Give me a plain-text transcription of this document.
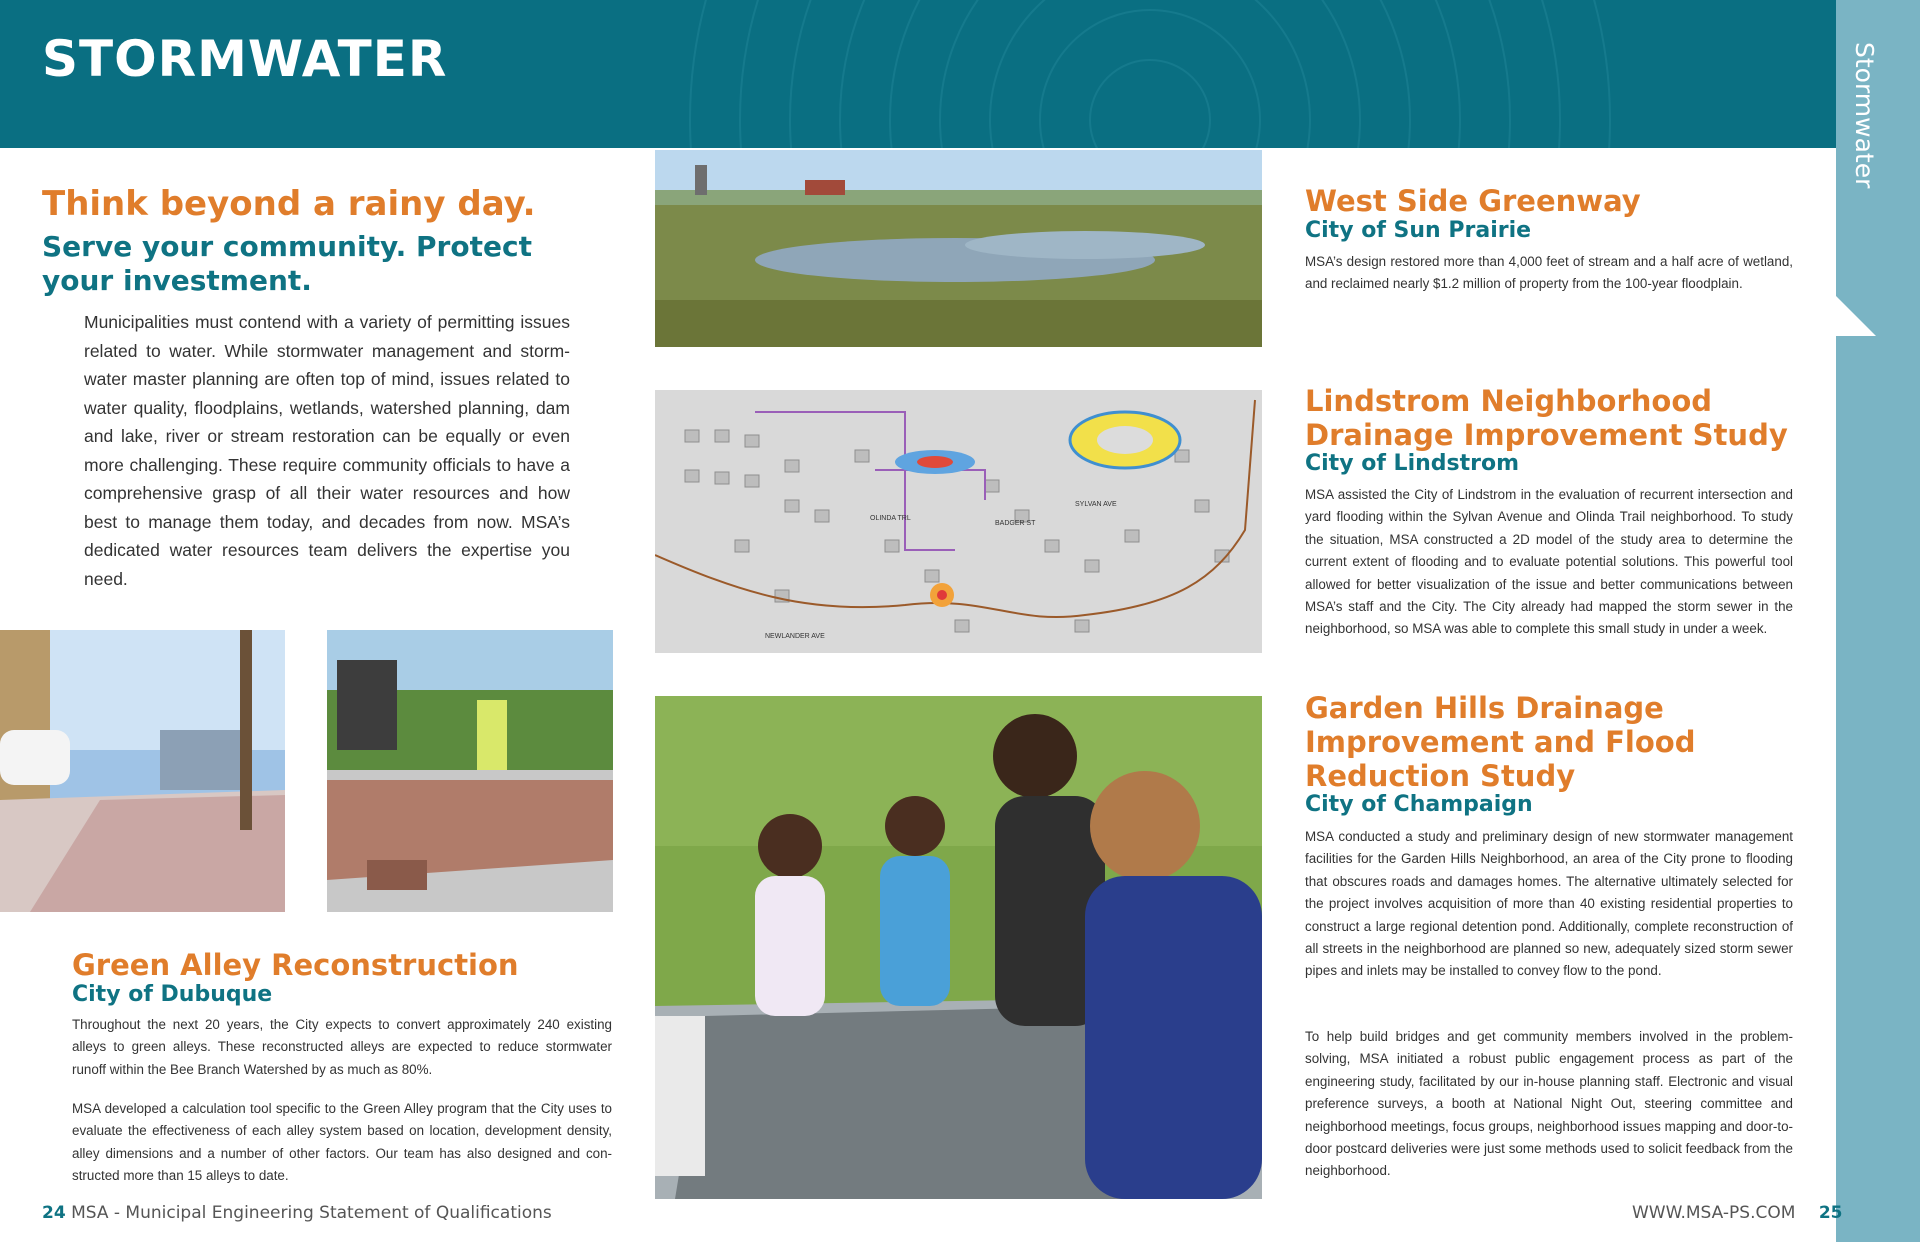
STORMWATER	Stormwater
Think beyond a rainy day.
Serve your community. Protect your investment.
Municipalities must contend with a variety of permitting issues related to water. While stormwater management and storm-water master planning are often top of mind, issues related to water quality, floodplains, wetlands, watershed planning, dam and lake, river or stream restoration can be equally or even more challenging. These require community officials to have a comprehensive grasp of all their water resources and how best to manage them today, and decades from now. MSA’s dedicated water resources team delivers the expertise you need.
Green Alley Reconstruction
City of Dubuque
Throughout the next 20 years, the City expects to convert approximately 240 existing alleys to green alleys. These reconstructed alleys are expected to reduce stormwater runoff within the Bee Branch Watershed by as much as 80%.
MSA developed a calculation tool specific to the Green Alley program that the City uses to evaluate the effectiveness of each alley system based on location, development density, alley dimensions and a number of other factors. Our team has also designed and con-structed more than 15 alleys to date.
SYLVAN AVE
NEWLANDER AVE
OLINDA TRL
BADGER ST
West Side Greenway
City of Sun Prairie
MSA’s design restored more than 4,000 feet of stream and a half acre of wetland, and reclaimed nearly $1.2 million of property from the 100-year floodplain.
Lindstrom Neighborhood
Drainage Improvement Study
City of Lindstrom
MSA assisted the City of Lindstrom in the evaluation of recurrent intersection and yard flooding within the Sylvan Avenue and Olinda Trail neighborhood. To study the situation, MSA constructed a 2D model of the study area to determine the current extent of flooding and to evaluate potential solutions. This powerful tool allowed for better visualization of the issue and better communications between MSA’s staff and the City. The City already had mapped the storm sewer in the neighborhood, so MSA was able to complete this small study in under a week.
Garden Hills Drainage
Improvement and Flood
Reduction Study
City of Champaign
MSA conducted a study and preliminary design of new stormwater management facilities for the Garden Hills Neighborhood, an area of the City prone to flooding that obscures roads and damages homes. The alternative ultimately selected for the project involves acquisition of more than 40 existing residential properties to construct a large regional detention pond. Additionally, complete reconstruction of all streets in the neighborhood are planned so new, adequately sized storm sewer pipes and inlets may be installed to convey flow to the pond.
To help build bridges and get community members involved in the problem-solving, MSA initiated a robust public engagement process as part of the engineering study, facilitated by our in-house planning staff. Electronic and visual preference surveys, a booth at National Night Out, steering committee and neighborhood meetings, focus groups, neighborhood issues mapping and door-to-door postcard deliveries were just some methods used to solicit feedback from the neighborhood.
24 MSA - Municipal Engineering Statement of Qualifications	WWW.MSA-PS.COM 25
